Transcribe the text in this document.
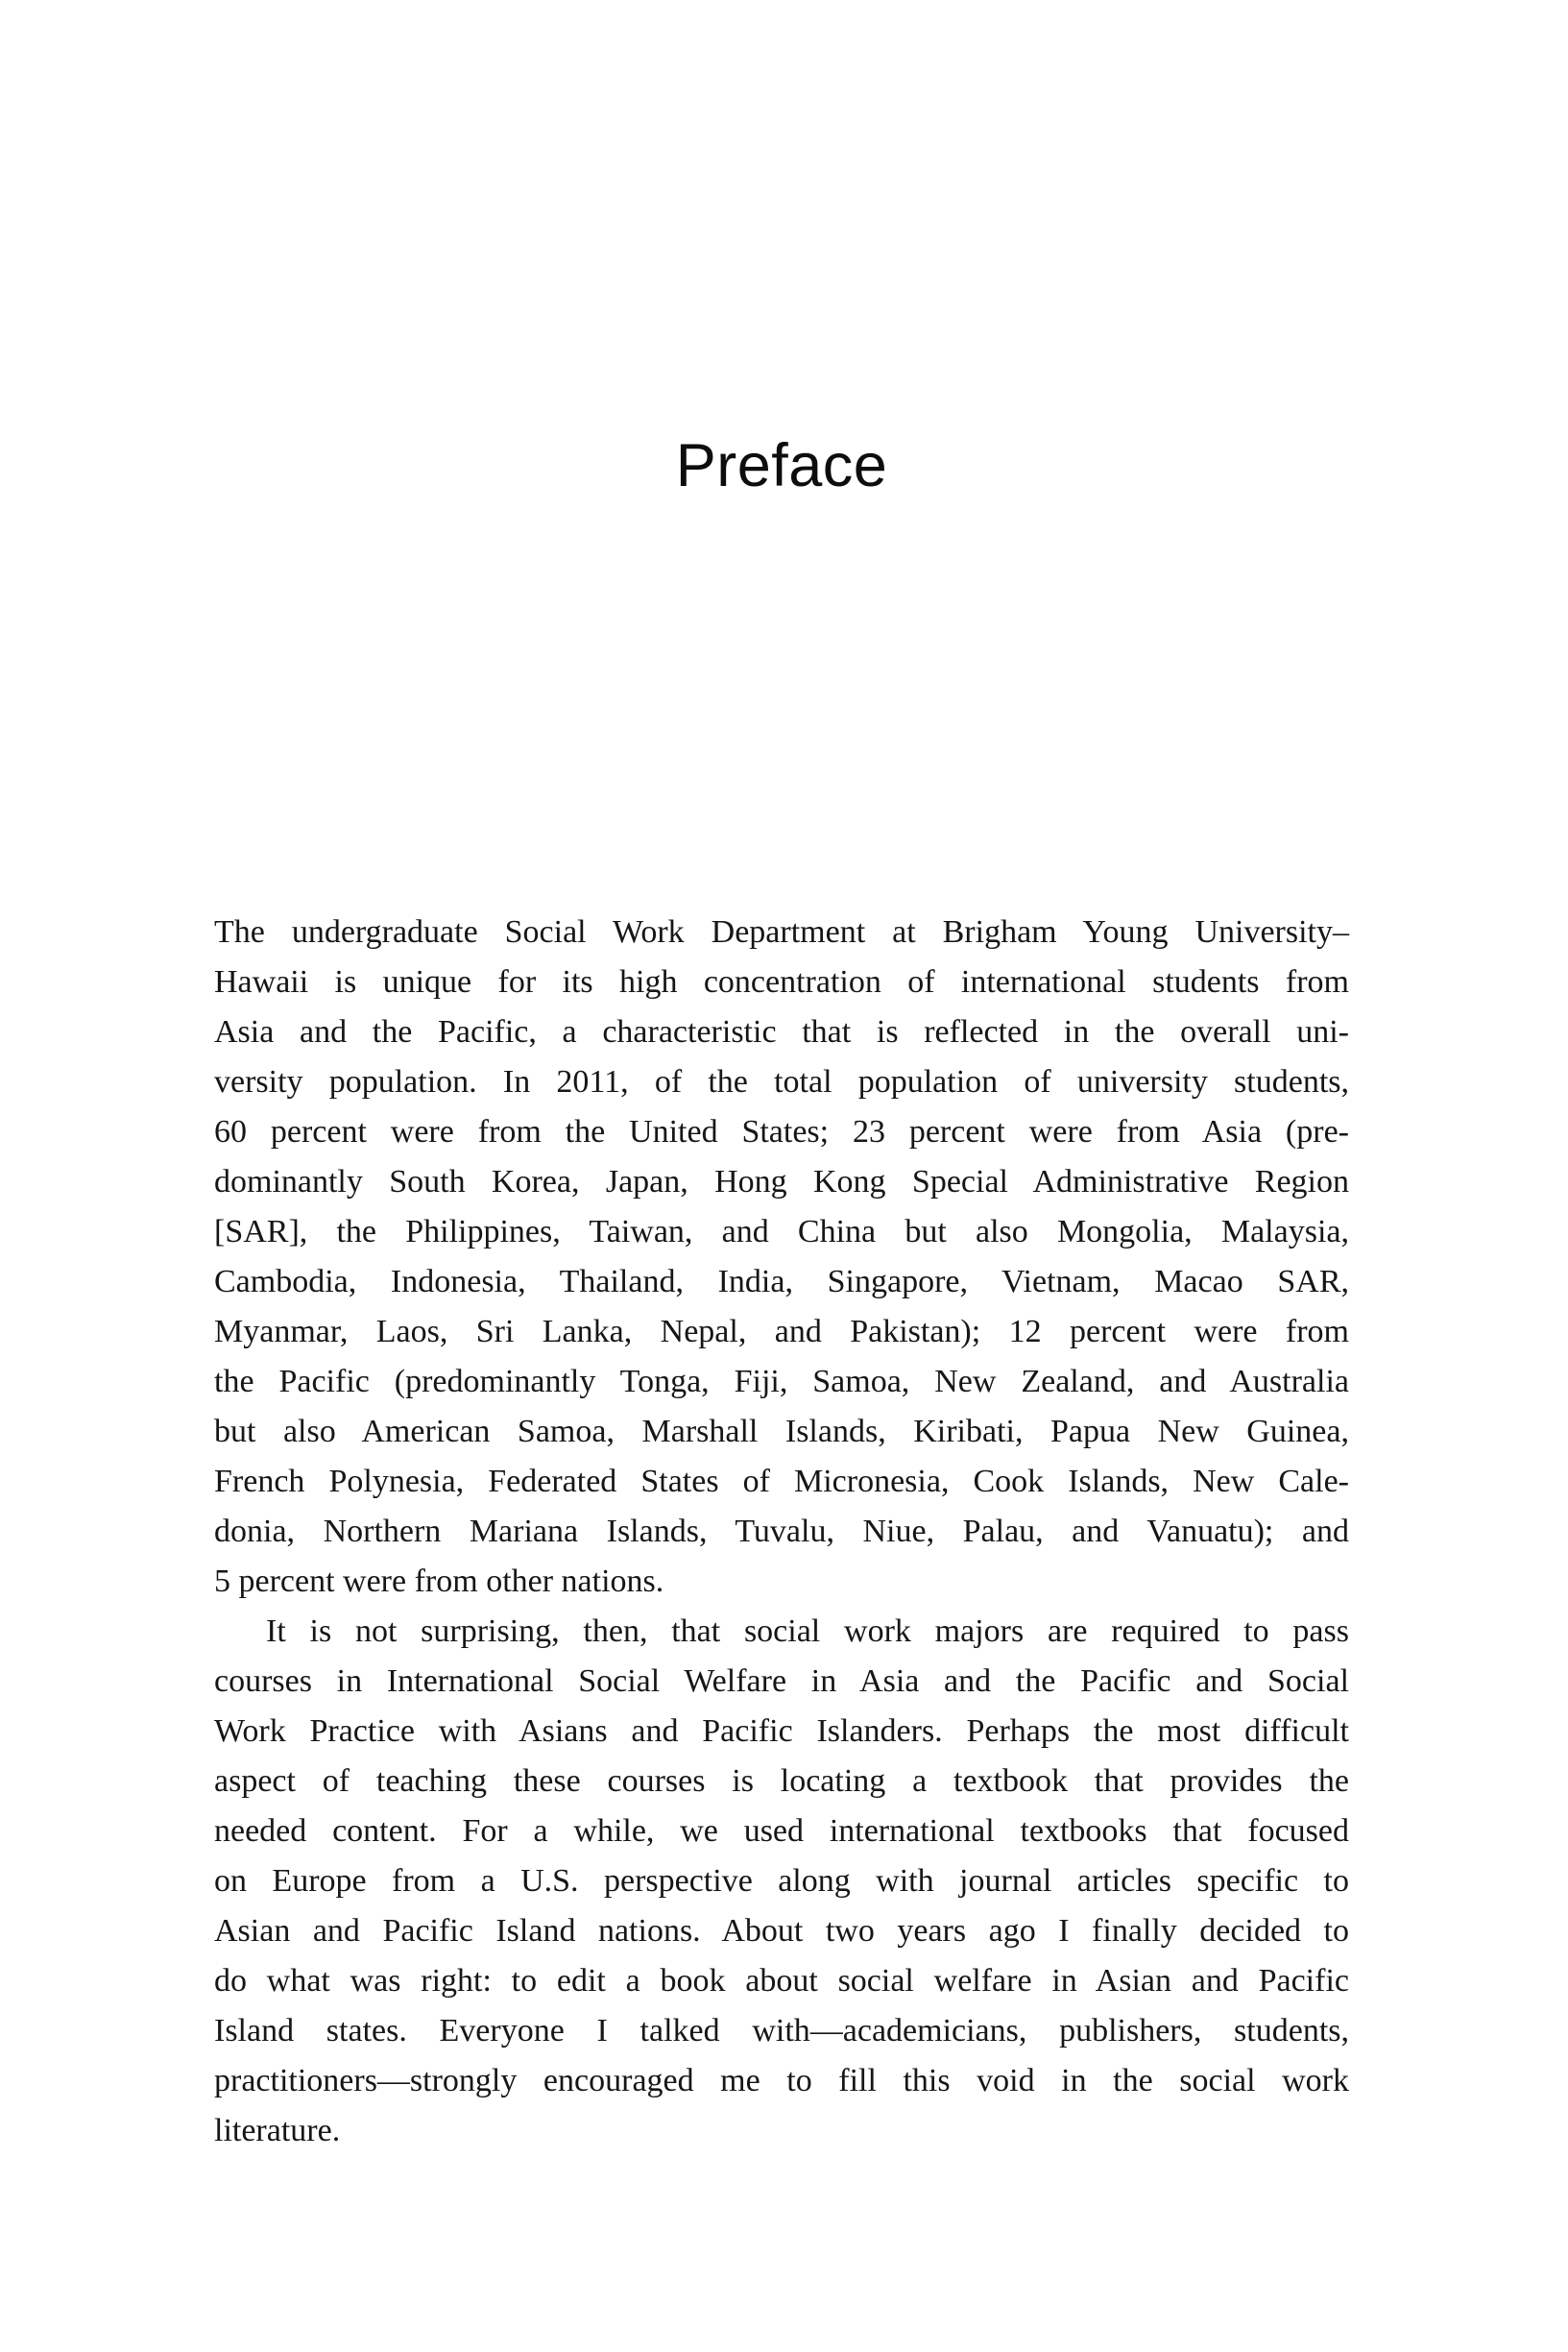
Preface
The undergraduate Social Work Department at Brigham Young University–
Hawaii is unique for its high concentration of international students from
Asia and the Pacific, a characteristic that is reflected in the overall uni-
versity population. In 2011, of the total population of university students,
60 percent were from the United States; 23 percent were from Asia (pre-
dominantly South Korea, Japan, Hong Kong Special Administrative Region
[SAR], the Philippines, Taiwan, and China but also Mongolia, Malaysia,
Cambodia, Indonesia, Thailand, India, Singapore, Vietnam, Macao SAR,
Myanmar, Laos, Sri Lanka, Nepal, and Pakistan); 12 percent were from
the Pacific (predominantly Tonga, Fiji, Samoa, New Zealand, and Australia
but also American Samoa, Marshall Islands, Kiribati, Papua New Guinea,
French Polynesia, Federated States of Micronesia, Cook Islands, New Cale-
donia, Northern Mariana Islands, Tuvalu, Niue, Palau, and Vanuatu); and
5 percent were from other nations.
It is not surprising, then, that social work majors are required to pass
courses in International Social Welfare in Asia and the Pacific and Social
Work Practice with Asians and Pacific Islanders. Perhaps the most difficult
aspect of teaching these courses is locating a textbook that provides the
needed content. For a while, we used international textbooks that focused
on Europe from a U.S. perspective along with journal articles specific to
Asian and Pacific Island nations. About two years ago I finally decided to
do what was right: to edit a book about social welfare in Asian and Pacific
Island states. Everyone I talked with—academicians, publishers, students,
practitioners—strongly encouraged me to fill this void in the social work
literature.
